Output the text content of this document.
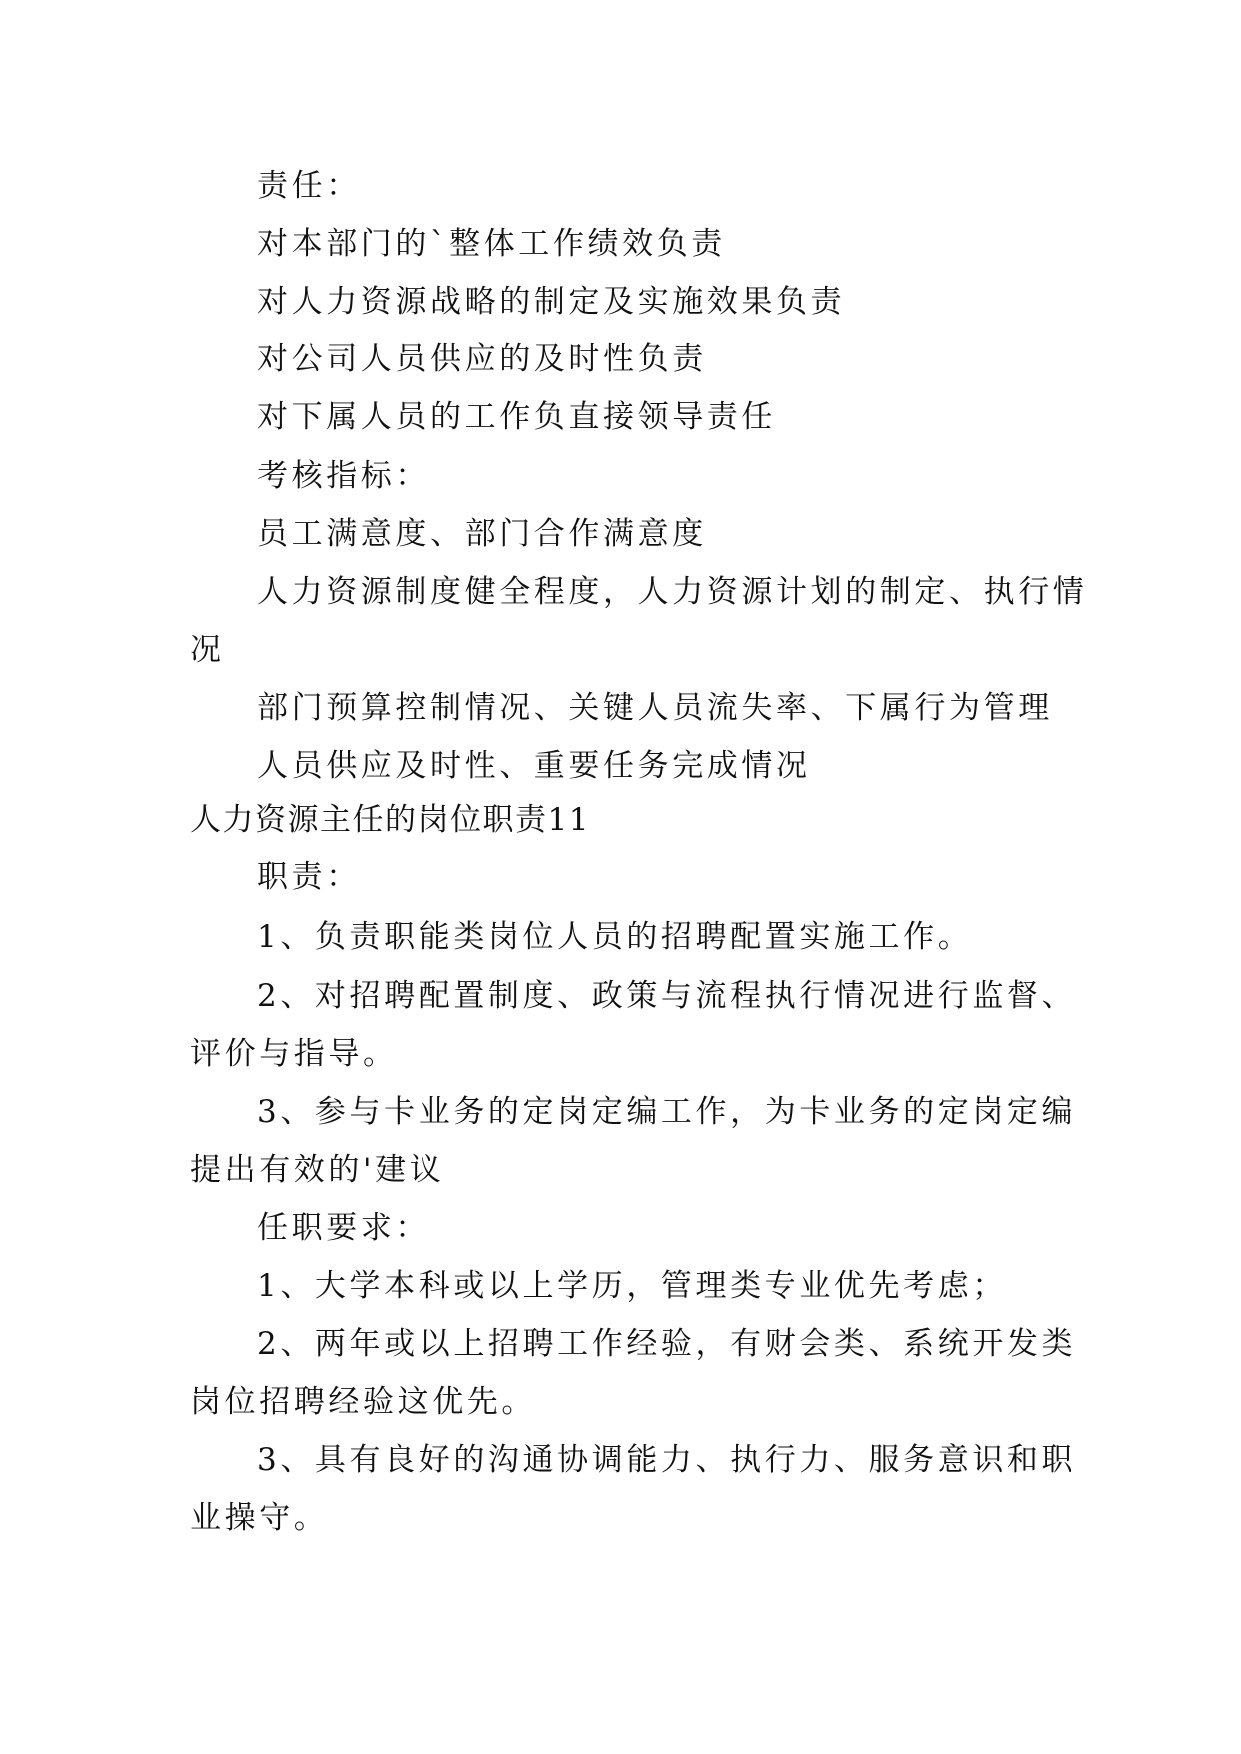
责任：
对本部门的`整体工作绩效负责
对人力资源战略的制定及实施效果负责
对公司人员供应的及时性负责
对下属人员的工作负直接领导责任
考核指标：
员工满意度、部门合作满意度
人力资源制度健全程度，人力资源计划的制定、执行情
况
部门预算控制情况、关键人员流失率、下属行为管理
人员供应及时性、重要任务完成情况
人力资源主任的岗位职责11
职责：
1、负责职能类岗位人员的招聘配置实施工作。
2、对招聘配置制度、政策与流程执行情况进行监督、
评价与指导。
3、参与卡业务的定岗定编工作，为卡业务的定岗定编
提出有效的'建议
任职要求：
1、大学本科或以上学历，管理类专业优先考虑；
2、两年或以上招聘工作经验，有财会类、系统开发类
岗位招聘经验这优先。
3、具有良好的沟通协调能力、执行力、服务意识和职
业操守。
